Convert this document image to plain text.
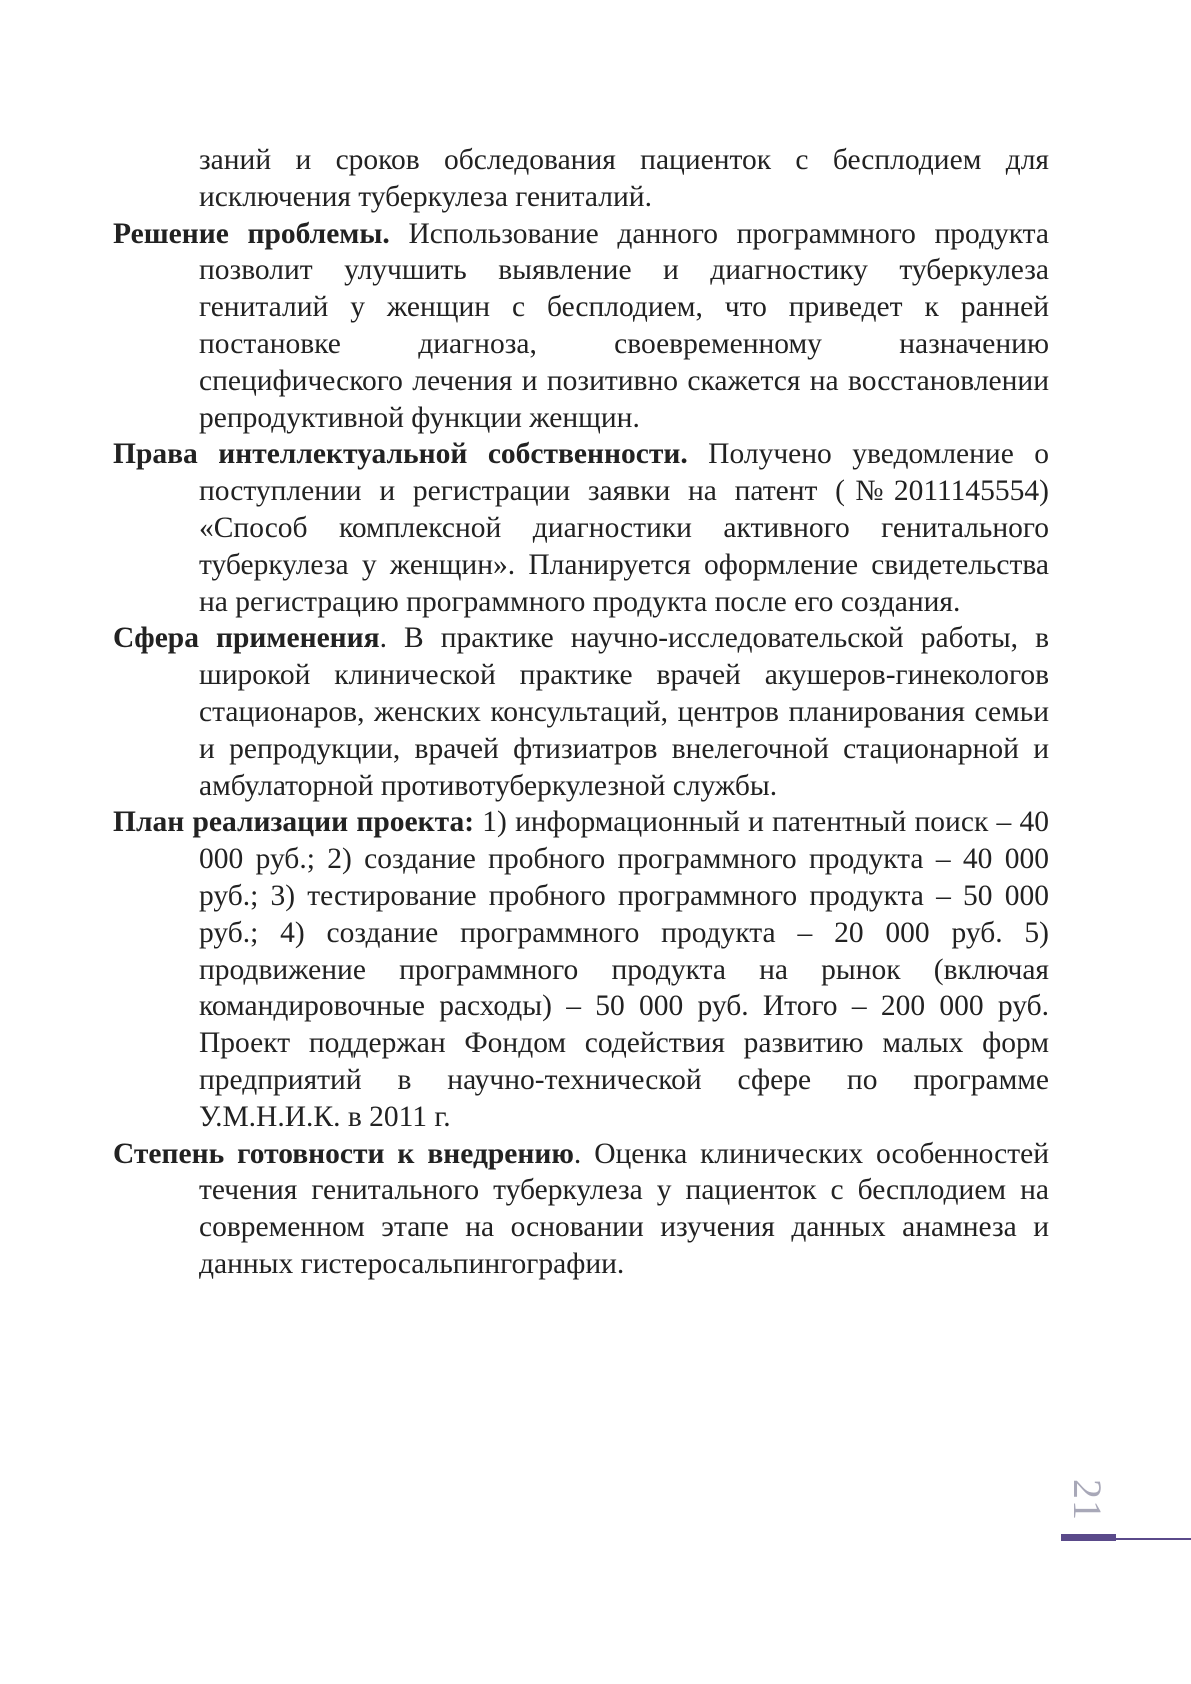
заний и сроков обследования пациенток с бесплодием для исключения туберкулеза гениталий.

Решение проблемы. Использование данного программного продукта позволит улучшить выявление и диагностику туберкулеза гениталий у женщин с бесплодием, что приведет к ранней постановке диагноза, своевременному назначению специфического лечения и позитивно скажется на восстановлении репродуктивной функции женщин.

Права интеллектуальной собственности. Получено уведомление о поступлении и регистрации заявки на патент (№2011145554) «Способ комплексной диагностики активного генитального туберкулеза у женщин». Планируется оформление свидетельства на регистрацию программного продукта после его создания.

Сфера применения. В практике научно-исследовательской работы, в широкой клинической практике врачей акушеров-гинекологов стационаров, женских консультаций, центров планирования семьи и репродукции, врачей фтизиатров внелегочной стационарной и амбулаторной противотуберкулезной службы.

План реализации проекта: 1) информационный и патентный поиск – 40 000 руб.; 2) создание пробного программного продукта – 40 000 руб.; 3) тестирование пробного программного продукта – 50 000 руб.; 4) создание программного продукта – 20 000 руб. 5) продвижение программного продукта на рынок (включая командировочные расходы) – 50 000 руб. Итого – 200 000 руб. Проект поддержан Фондом содействия развитию малых форм предприятий в научно-технической сфере по программе У.М.Н.И.К. в 2011 г.

Степень готовности к внедрению. Оценка клинических особенностей течения генитального туберкулеза у пациенток с бесплодием на современном этапе на основании изучения данных анамнеза и данных гистеросальпингографии.

21
